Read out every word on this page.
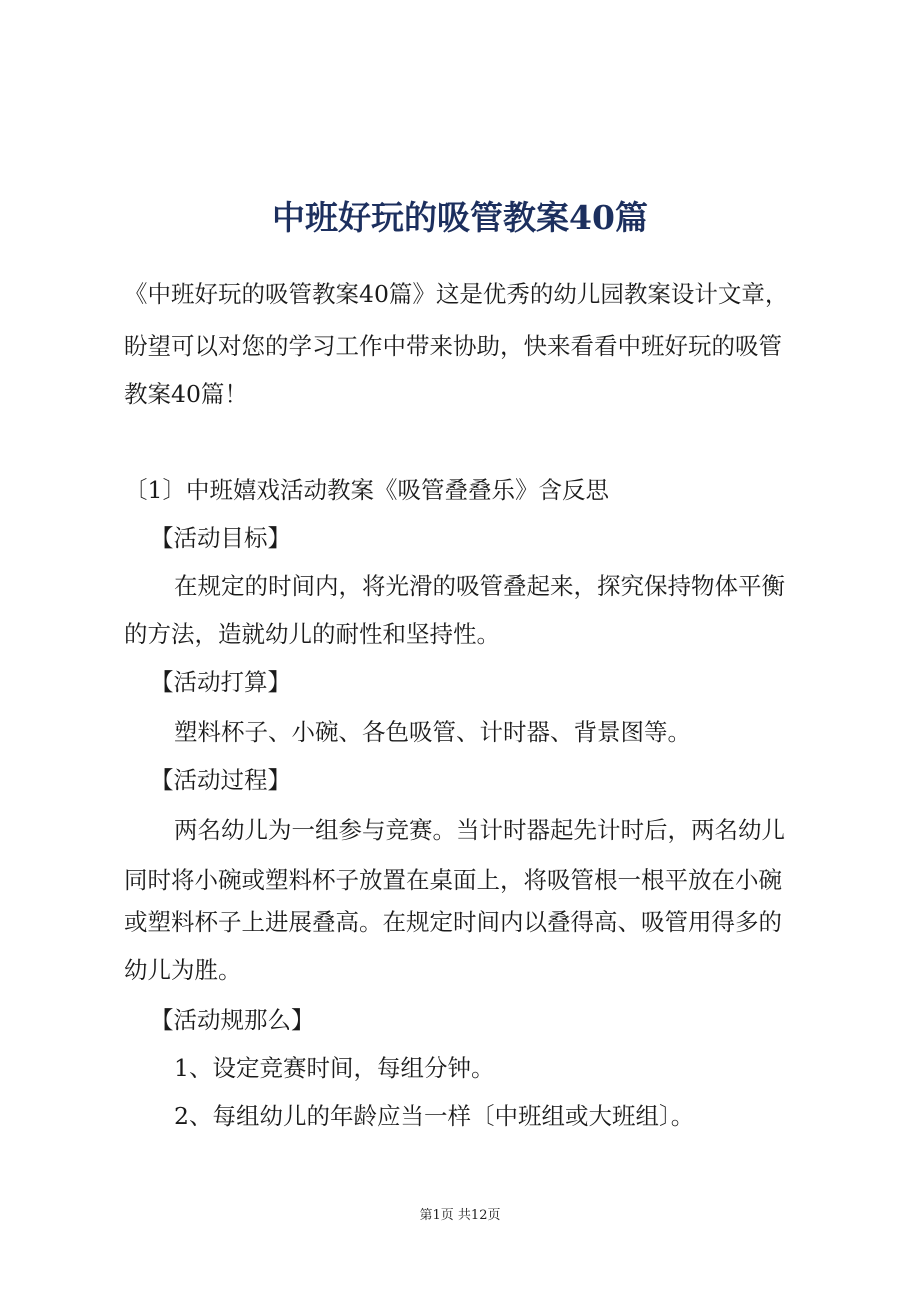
中班好玩的吸管教案40篇

《中班好玩的吸管教案40篇》这是优秀的幼儿园教案设计文章，

盼望可以对您的学习工作中带来协助，快来看看中班好玩的吸管

教案40篇！

〔1〕中班嬉戏活动教案《吸管叠叠乐》含反思

【活动目标】

在规定的时间内，将光滑的吸管叠起来，探究保持物体平衡

的方法，造就幼儿的耐性和坚持性。

【活动打算】

塑料杯子、小碗、各色吸管、计时器、背景图等。

【活动过程】

两名幼儿为一组参与竞赛。当计时器起先计时后，两名幼儿

同时将小碗或塑料杯子放置在桌面上，将吸管根一根平放在小碗

或塑料杯子上进展叠高。在规定时间内以叠得高、吸管用得多的

幼儿为胜。

【活动规那么】

1、设定竞赛时间，每组分钟。

2、每组幼儿的年龄应当一样〔中班组或大班组〕。

第1页 共12页
